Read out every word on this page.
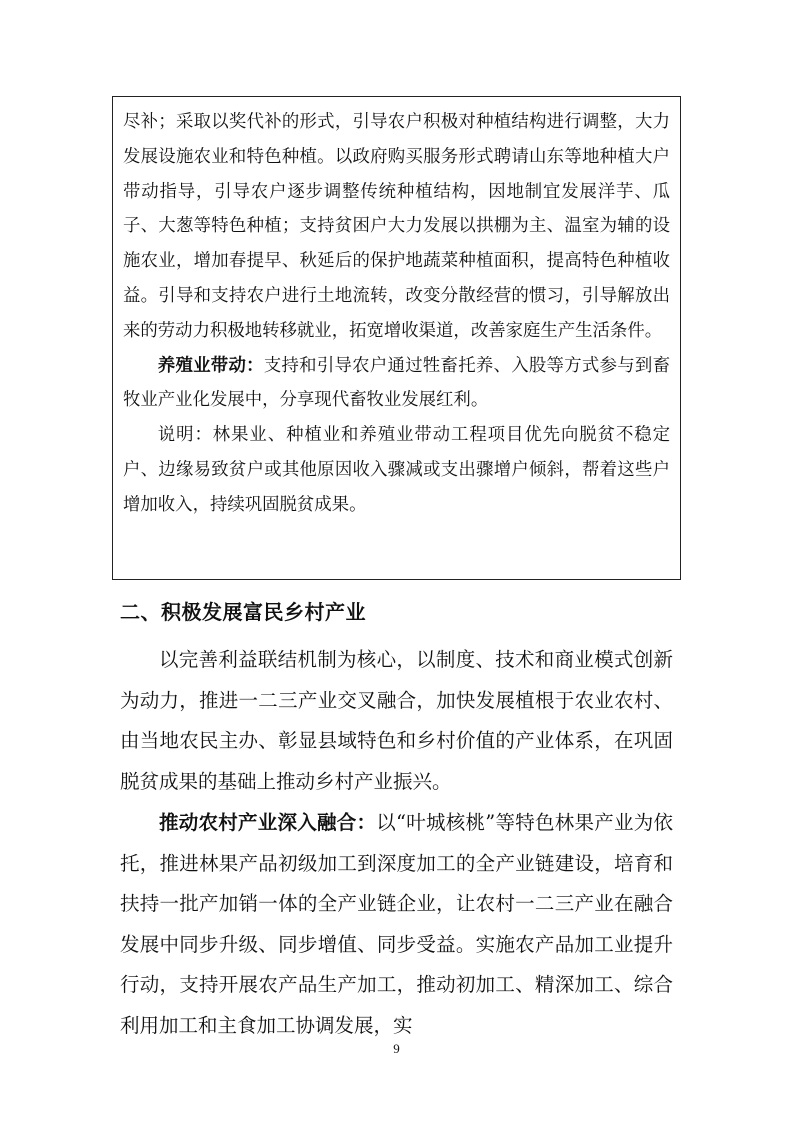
尽补；采取以奖代补的形式，引导农户积极对种植结构进行调整，大力发展设施农业和特色种植。以政府购买服务形式聘请山东等地种植大户带动指导，引导农户逐步调整传统种植结构，因地制宜发展洋芋、瓜子、大葱等特色种植；支持贫困户大力发展以拱棚为主、温室为辅的设施农业，增加春提早、秋延后的保护地蔬菜种植面积，提高特色种植收益。引导和支持农户进行土地流转，改变分散经营的惯习，引导解放出来的劳动力积极地转移就业，拓宽增收渠道，改善家庭生产生活条件。

养殖业带动：支持和引导农户通过牲畜托养、入股等方式参与到畜牧业产业化发展中，分享现代畜牧业发展红利。

说明：林果业、种植业和养殖业带动工程项目优先向脱贫不稳定户、边缘易致贫户或其他原因收入骤减或支出骤增户倾斜，帮着这些户增加收入，持续巩固脱贫成果。

二、积极发展富民乡村产业

以完善利益联结机制为核心，以制度、技术和商业模式创新为动力，推进一二三产业交叉融合，加快发展植根于农业农村、由当地农民主办、彰显县域特色和乡村价值的产业体系，在巩固脱贫成果的基础上推动乡村产业振兴。

推动农村产业深入融合：以“叶城核桃”等特色林果产业为依托，推进林果产品初级加工到深度加工的全产业链建设，培育和扶持一批产加销一体的全产业链企业，让农村一二三产业在融合发展中同步升级、同步增值、同步受益。实施农产品加工业提升行动，支持开展农产品生产加工，推动初加工、精深加工、综合利用加工和主食加工协调发展，实

9
